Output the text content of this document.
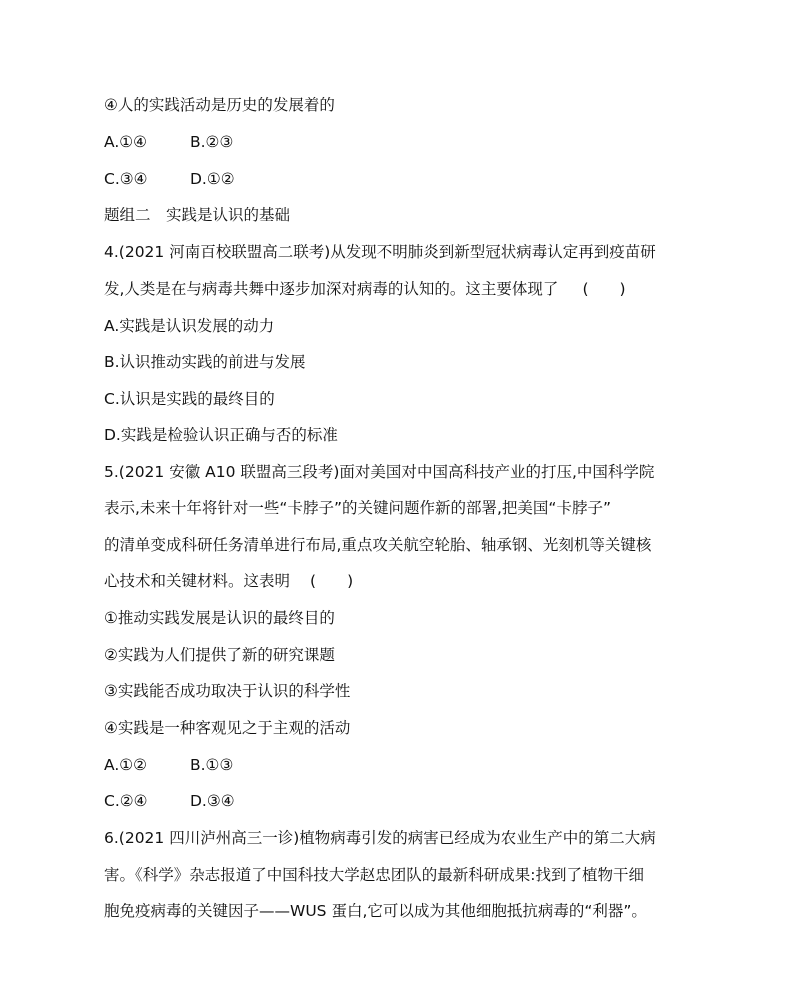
④人的实践活动是历史的发展着的
A.①④	B.②③
C.③④	D.①②
题组二　实践是认识的基础
4.(2021 河南百校联盟高二联考)从发现不明肺炎到新型冠状病毒认定再到疫苗研
发,人类是在与病毒共舞中逐步加深对病毒的认知的。这主要体现了 (　　)
A.实践是认识发展的动力
B.认识推动实践的前进与发展
C.认识是实践的最终目的
D.实践是检验认识正确与否的标准
5.(2021 安徽 A10 联盟高三段考)面对美国对中国高科技产业的打压,中国科学院
表示,未来十年将针对一些“卡脖子”的关键问题作新的部署,把美国“卡脖子”
的清单变成科研任务清单进行布局,重点攻关航空轮胎、轴承钢、光刻机等关键核
心技术和关键材料。这表明 (　　)
①推动实践发展是认识的最终目的
②实践为人们提供了新的研究课题
③实践能否成功取决于认识的科学性
④实践是一种客观见之于主观的活动
A.①②	B.①③
C.②④	D.③④
6.(2021 四川泸州高三一诊)植物病毒引发的病害已经成为农业生产中的第二大病
害。《科学》杂志报道了中国科技大学赵忠团队的最新科研成果:找到了植物干细
胞免疫病毒的关键因子——WUS 蛋白,它可以成为其他细胞抵抗病毒的“利器”。
